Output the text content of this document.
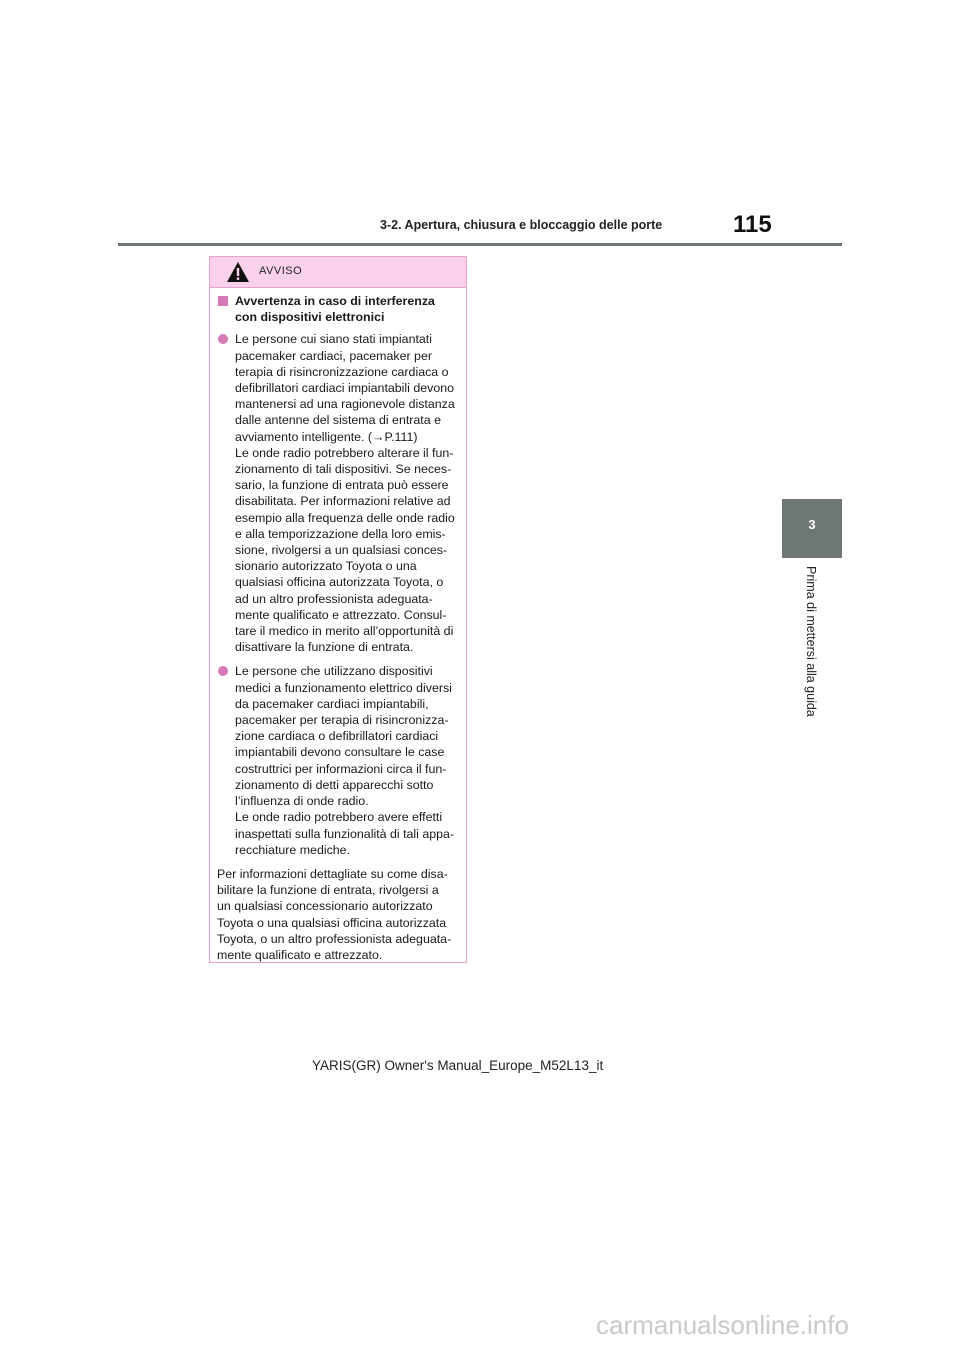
3-2. Apertura, chiusura e bloccaggio delle porte	115
3
Prima di mettersi alla guida
AVVISO
Avvertenza in caso di interferenza
con dispositivi elettronici
Le persone cui siano stati impiantati
pacemaker cardiaci, pacemaker per
terapia di risincronizzazione cardiaca o
defibrillatori cardiaci impiantabili devono
mantenersi ad una ragionevole distanza
dalle antenne del sistema di entrata e
avviamento intelligente. (→P.111)
Le onde radio potrebbero alterare il fun-
zionamento di tali dispositivi. Se neces-
sario, la funzione di entrata può essere
disabilitata. Per informazioni relative ad
esempio alla frequenza delle onde radio
e alla temporizzazione della loro emis-
sione, rivolgersi a un qualsiasi conces-
sionario autorizzato Toyota o una
qualsiasi officina autorizzata Toyota, o
ad un altro professionista adeguata-
mente qualificato e attrezzato. Consul-
tare il medico in merito all’opportunità di
disattivare la funzione di entrata.
Le persone che utilizzano dispositivi
medici a funzionamento elettrico diversi
da pacemaker cardiaci impiantabili,
pacemaker per terapia di risincronizza-
zione cardiaca o defibrillatori cardiaci
impiantabili devono consultare le case
costruttrici per informazioni circa il fun-
zionamento di detti apparecchi sotto
l’influenza di onde radio.
Le onde radio potrebbero avere effetti
inaspettati sulla funzionalità di tali appa-
recchiature mediche.
Per informazioni dettagliate su come disa-
bilitare la funzione di entrata, rivolgersi a
un qualsiasi concessionario autorizzato
Toyota o una qualsiasi officina autorizzata
Toyota, o un altro professionista adeguata-
mente qualificato e attrezzato.
YARIS(GR) Owner's Manual_Europe_M52L13_it
carmanualsonline.info
